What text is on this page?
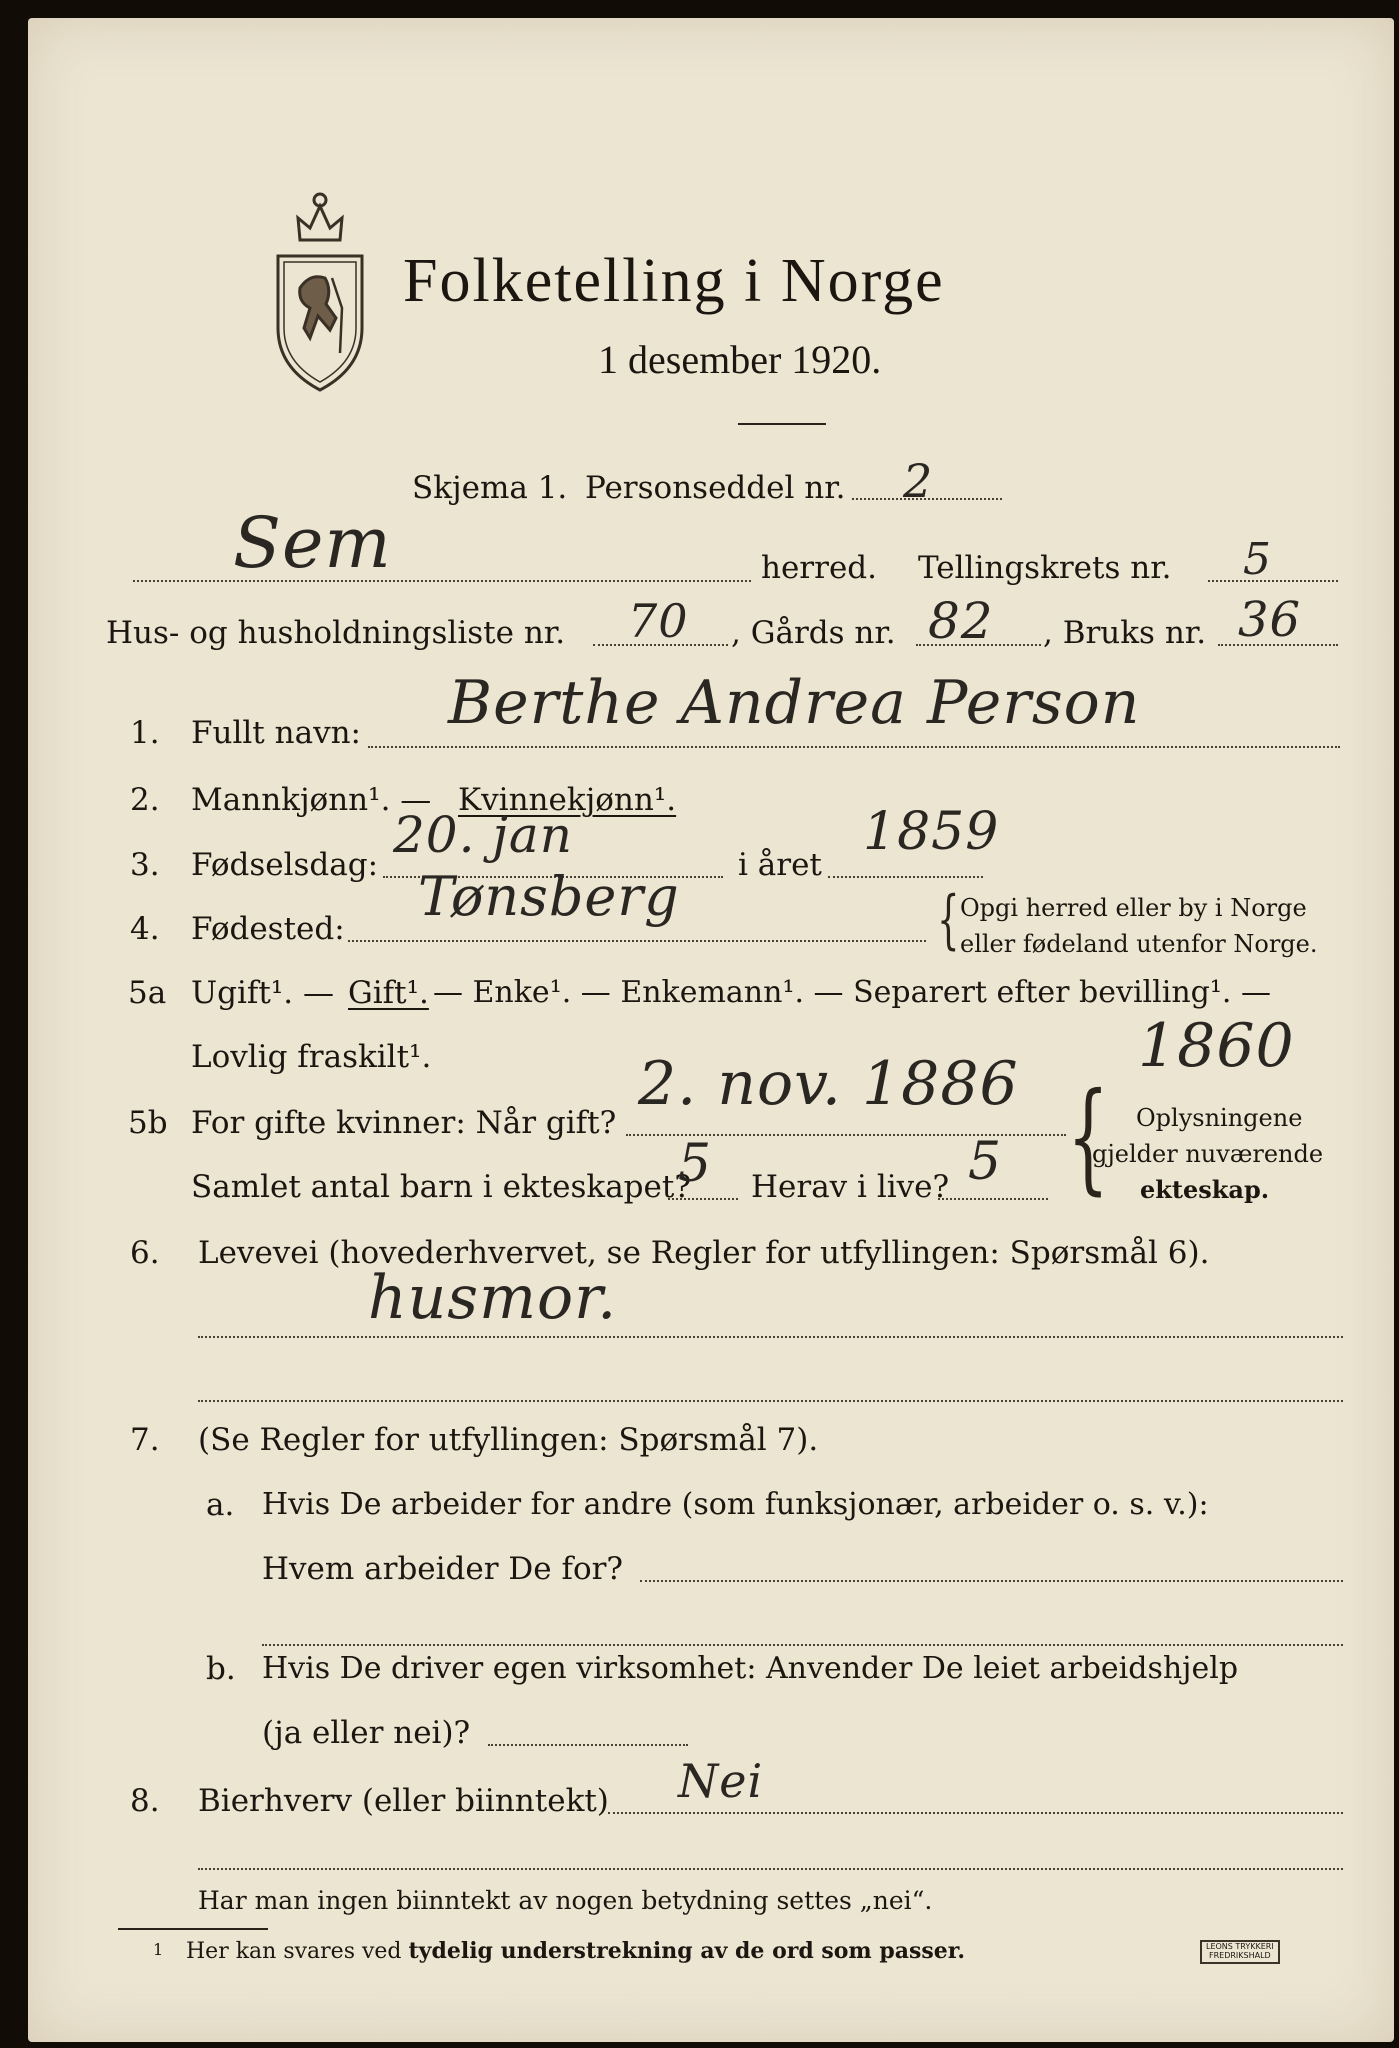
Folketelling i Norge
1 desember 1920.
Skjema 1. Personseddel nr. 2
Sem	herred. Tellingskrets nr. 5
Hus- og husholdningsliste nr. 70 , Gårds nr. 82 , Bruks nr. 36
1. Fullt navn: Berthe Andrea Person
2. Mannkjønn¹. — Kvinnekjønn¹.
3. Fødselsdag:
20. jan
i året
1859
4. Fødested:
Tønsberg	{ Opgi herred eller by i Norge
eller fødeland utenfor Norge.
5a Ugift¹. — Gift¹. — Enke¹. — Enkemann¹. — Separert efter bevilling¹. —
Lovlig fraskilt¹.
5b For gifte kvinner: Når gift?
2. nov. 1886
1860
Samlet antal barn i ekteskapet?
5 Herav i live? 5 { Oplysningene
gjelder nuværende
ekteskap.
6. Levevei (hovederhvervet, se Regler for utfyllingen: Spørsmål 6).
husmor.
7. (Se Regler for utfyllingen: Spørsmål 7).
a. Hvis De arbeider for andre (som funksjonær, arbeider o. s. v.):
Hvem arbeider De for?
b. Hvis De driver egen virksomhet: Anvender De leiet arbeidshjelp
(ja eller nei)?
8. Bierhverv (eller biinntekt) Nei
Har man ingen biinntekt av nogen betydning settes „nei“.
1 Her kan svares ved tydelig understrekning av de ord som passer.	LEONS TRYKKERI
FREDRIKSHALD
